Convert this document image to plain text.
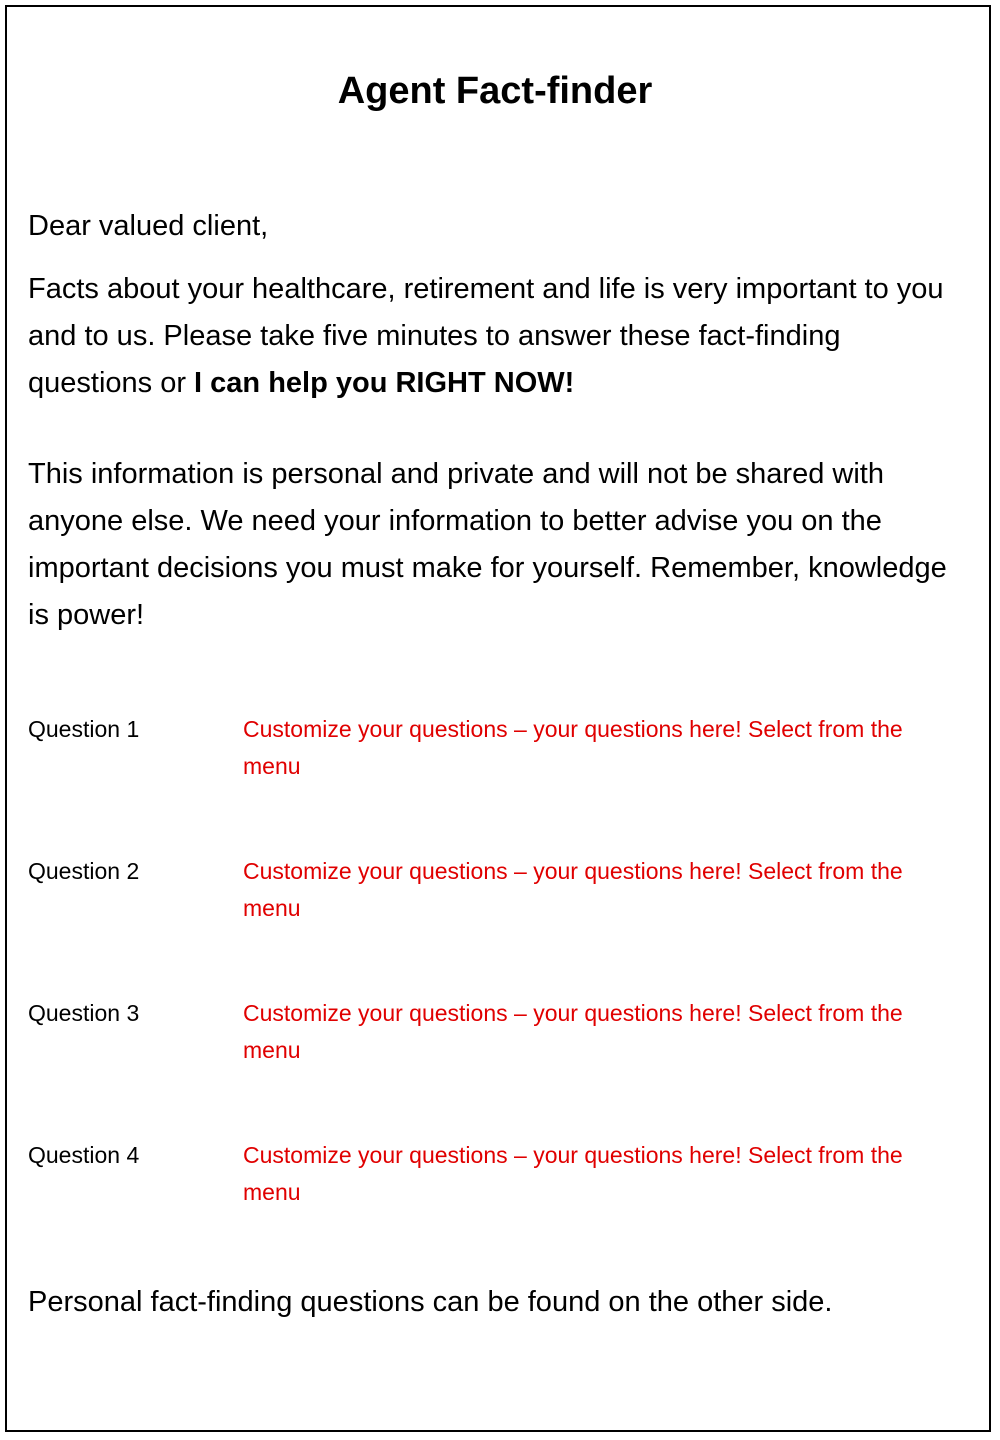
Agent Fact-finder

Dear valued client,

Facts about your healthcare, retirement and life is very important to you and to us. Please take five minutes to answer these fact-finding questions or I can help you RIGHT NOW!

This information is personal and private and will not be shared with anyone else. We need your information to better advise you on the important decisions you must make for yourself. Remember, knowledge is power!

Question 1	Customize your questions – your questions here! Select from the menu
Question 2	Customize your questions – your questions here! Select from the menu
Question 3	Customize your questions – your questions here! Select from the menu
Question 4	Customize your questions – your questions here! Select from the menu

Personal fact-finding questions can be found on the other side.
